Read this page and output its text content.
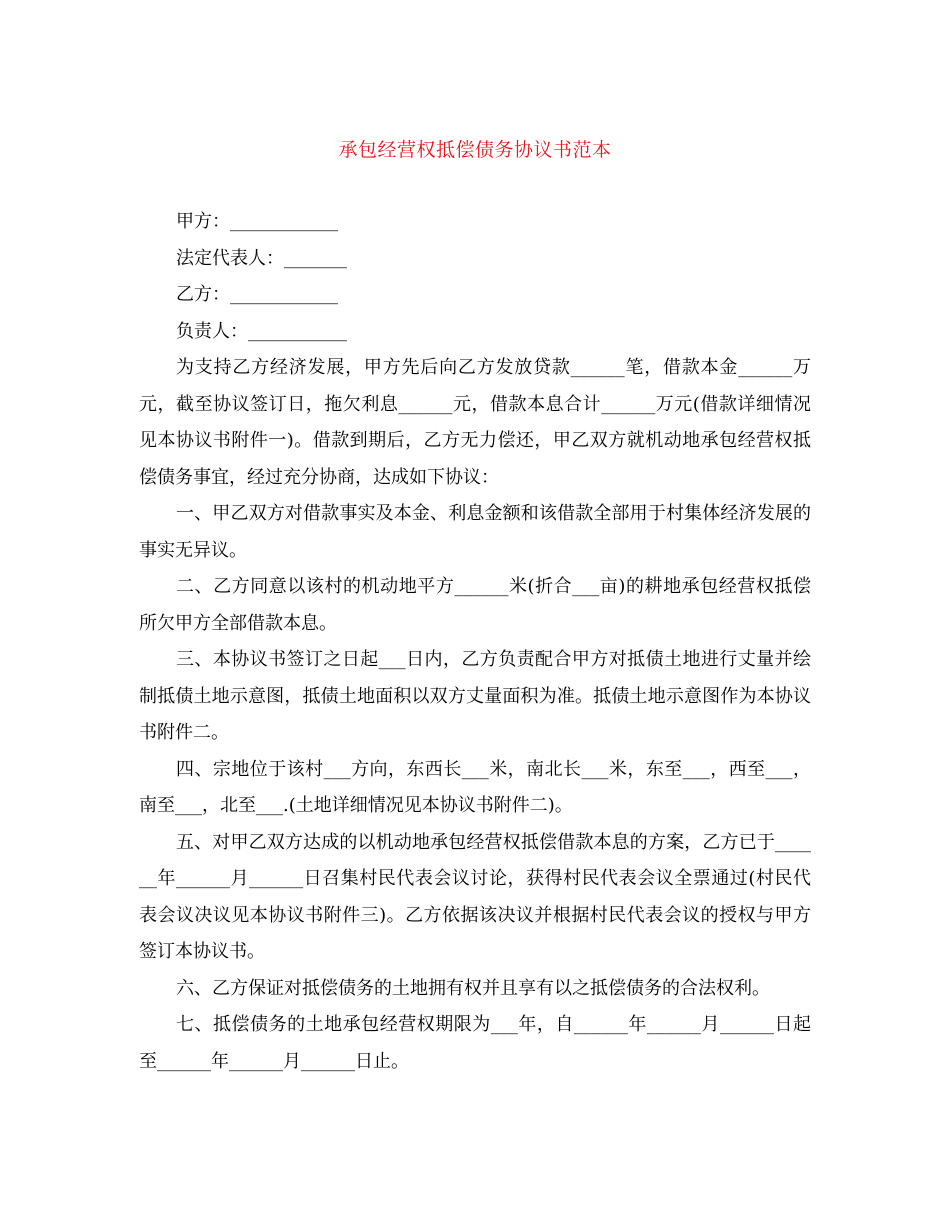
承包经营权抵偿债务协议书范本

甲方：____________

法定代表人：_______

乙方：____________

负责人：___________

为支持乙方经济发展，甲方先后向乙方发放贷款______笔，借款本金______万元，截至协议签订日，拖欠利息______元，借款本息合计______万元(借款详细情况见本协议书附件一)。借款到期后，乙方无力偿还，甲乙双方就机动地承包经营权抵偿债务事宜，经过充分协商，达成如下协议：

一、甲乙双方对借款事实及本金、利息金额和该借款全部用于村集体经济发展的事实无异议。

二、乙方同意以该村的机动地平方______米(折合___亩)的耕地承包经营权抵偿所欠甲方全部借款本息。

三、本协议书签订之日起___日内，乙方负责配合甲方对抵债土地进行丈量并绘制抵债土地示意图，抵债土地面积以双方丈量面积为准。抵债土地示意图作为本协议书附件二。

四、宗地位于该村___方向，东西长___米，南北长___米，东至___，西至___，南至___，北至___.(土地详细情况见本协议书附件二)。

五、对甲乙双方达成的以机动地承包经营权抵偿借款本息的方案，乙方已于______年______月______日召集村民代表会议讨论，获得村民代表会议全票通过(村民代表会议决议见本协议书附件三)。乙方依据该决议并根据村民代表会议的授权与甲方签订本协议书。

六、乙方保证对抵偿债务的土地拥有权并且享有以之抵偿债务的合法权利。

七、抵偿债务的土地承包经营权期限为___年，自______年______月______日起至______年______月______日止。
